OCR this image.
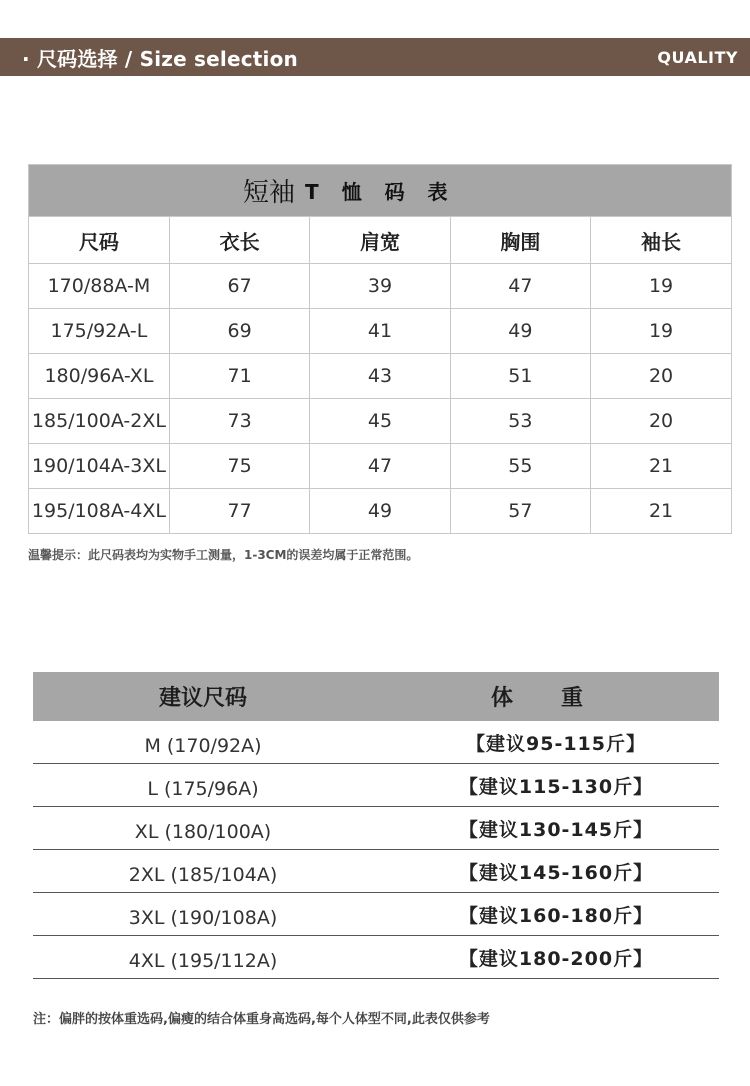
· 尺码选择 / Size selection	QUALITY
短袖 T 恤 码 表
尺码	衣长	肩宽	胸围	袖长
170/88A-M	67	39	47	19
175/92A-L	69	41	49	19
180/96A-XL	71	43	51	20
185/100A-2XL	73	45	53	20
190/104A-3XL	75	47	55	21
195/108A-4XL	77	49	57	21
温馨提示：此尺码表均为实物手工测量，1-3CM的误差均属于正常范围。
建议尺码	体重
M (170/92A)	【建议95-115斤】
L (175/96A)	【建议115-130斤】
XL (180/100A)	【建议130-145斤】
2XL (185/104A)	【建议145-160斤】
3XL (190/108A)	【建议160-180斤】
4XL (195/112A)	【建议180-200斤】
注：偏胖的按体重选码,偏瘦的结合体重身高选码,每个人体型不同,此表仅供参考
